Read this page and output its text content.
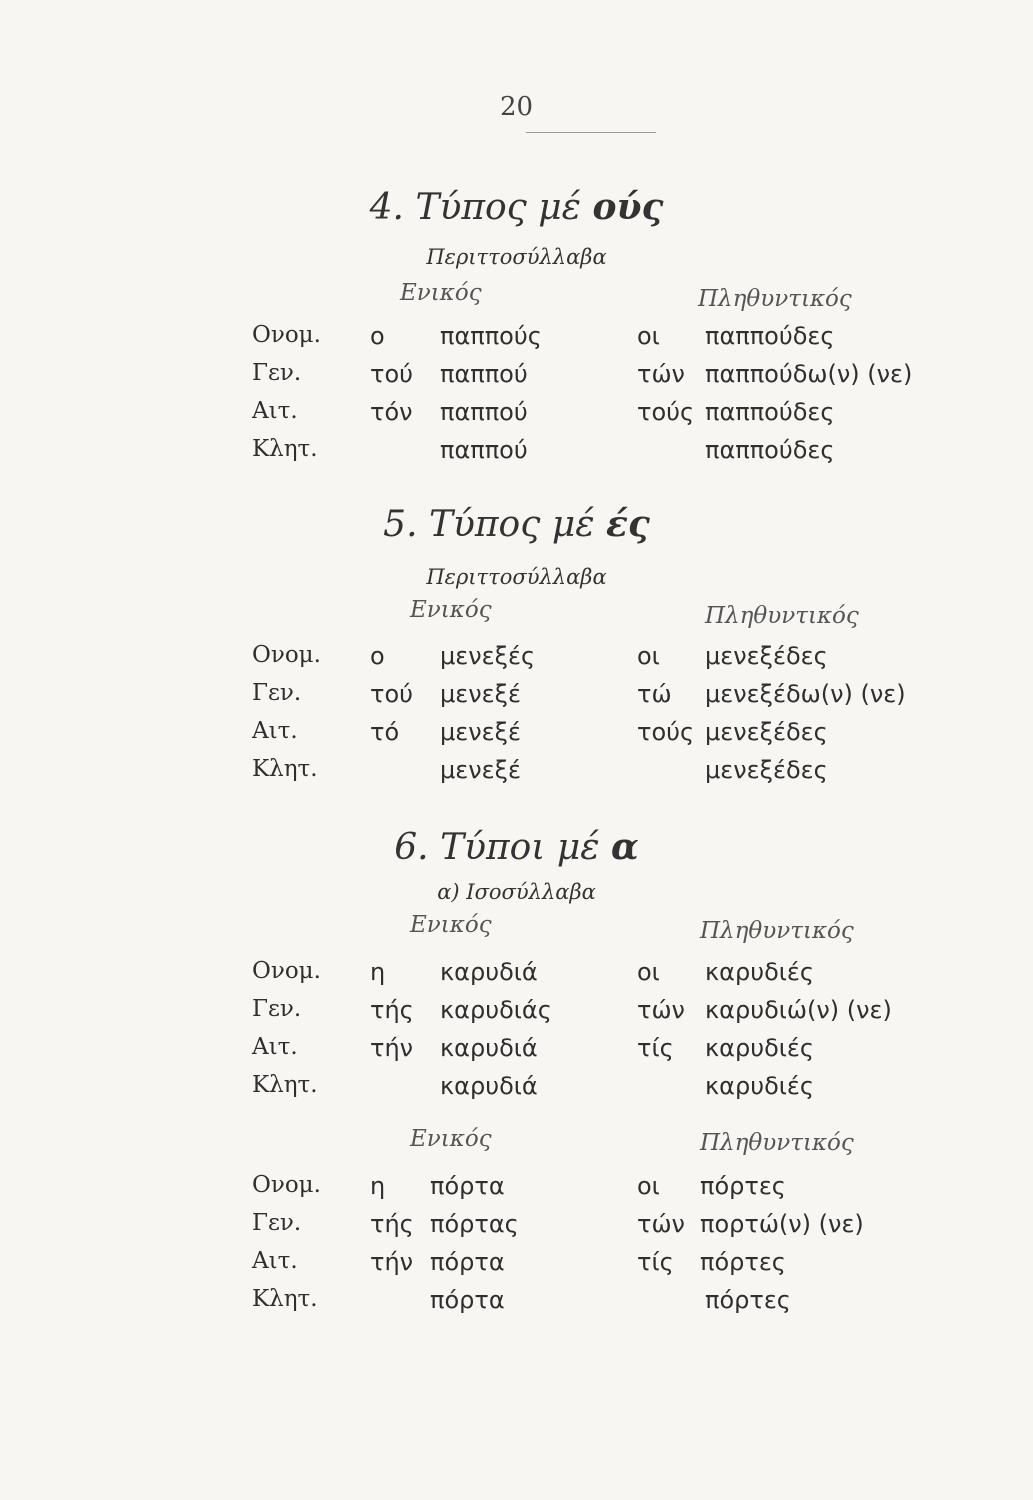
20
4. Τύπος μέ ούς
Περιττοσύλλαβα
Ενικός	Πληθυντικός
Ονομ. ο παππούς	οι παππούδες
Γεν.	τού παππού	τών παππούδω(ν) (νε)
Αιτ.	τόν παππού	τούς παππούδες
Κλητ.	παππού	παππούδες
5. Τύπος μέ ές
Περιττοσύλλαβα
Ενικός	Πληθυντικός
Ονομ. ο μενεξές	οι μενεξέδες
Γεν.	τού μενεξέ	τώ μενεξέδω(ν) (νε)
Αιτ.	τό μενεξέ	τούς μενεξέδες
Κλητ.	μενεξέ	μενεξέδες
6. Τύποι μέ α
α) Ισοσύλλαβα
Ενικός	Πληθυντικός
Ονομ. η καρυδιά	οι καρυδιές
Γεν.	τής καρυδιάς	τών καρυδιώ(ν) (νε)
Αιτ.	τήν καρυδιά	τίς καρυδιές
Κλητ.	καρυδιά	καρυδιές
Ενικός	Πληθυντικός
Ονομ. η πόρτα	οι πόρτες
Γεν.	τής πόρτας	τών πορτώ(ν) (νε)
Αιτ.	τήν πόρτα	τίς πόρτες
Κλητ.	πόρτα	πόρτες
